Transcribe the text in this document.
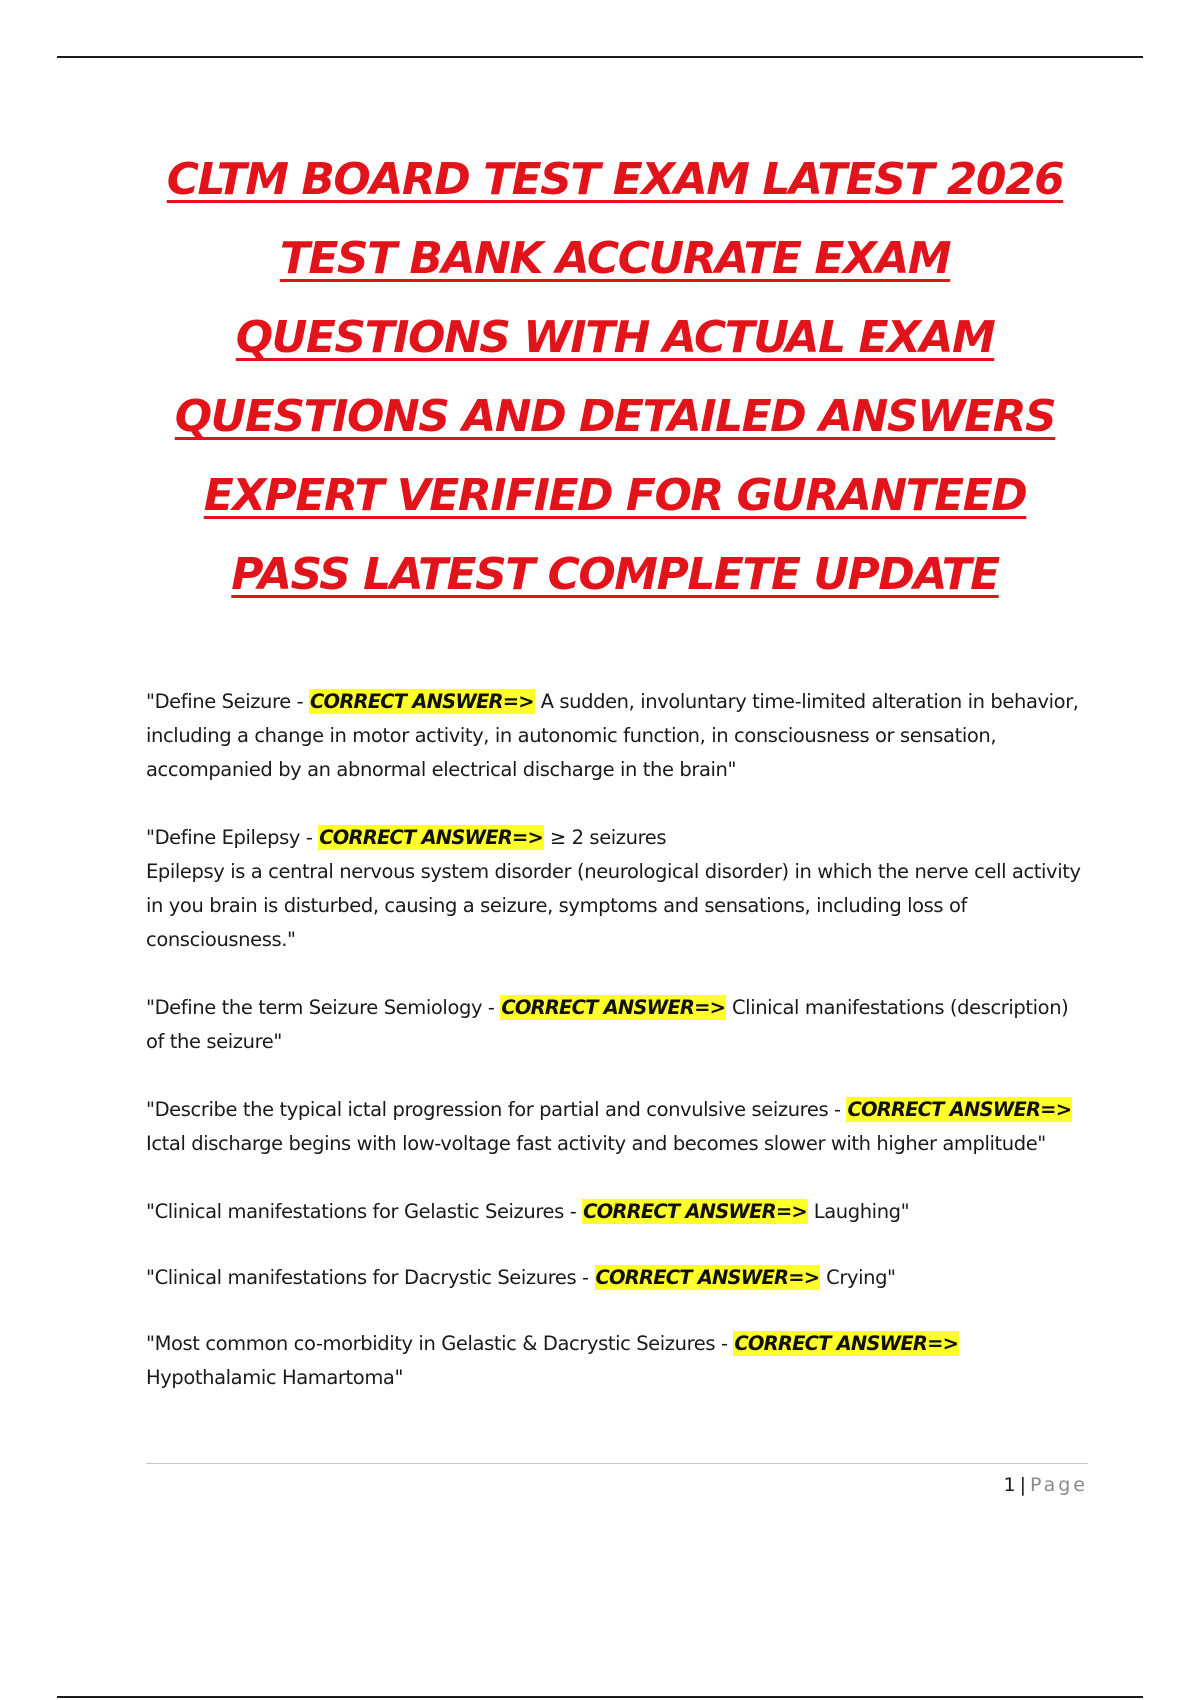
CLTM BOARD TEST EXAM LATEST 2026
TEST BANK ACCURATE EXAM
QUESTIONS WITH ACTUAL EXAM
QUESTIONS AND DETAILED ANSWERS
EXPERT VERIFIED FOR GURANTEED
PASS LATEST COMPLETE UPDATE

"Define Seizure - CORRECT ANSWER=> A sudden, involuntary time-limited alteration in behavior, including a change in motor activity, in autonomic function, in consciousness or sensation, accompanied by an abnormal electrical discharge in the brain"

"Define Epilepsy - CORRECT ANSWER=> ≥ 2 seizures
Epilepsy is a central nervous system disorder (neurological disorder) in which the nerve cell activity in you brain is disturbed, causing a seizure, symptoms and sensations, including loss of consciousness."

"Define the term Seizure Semiology - CORRECT ANSWER=> Clinical manifestations (description) of the seizure"

"Describe the typical ictal progression for partial and convulsive seizures - CORRECT ANSWER=> Ictal discharge begins with low-voltage fast activity and becomes slower with higher amplitude"

"Clinical manifestations for Gelastic Seizures - CORRECT ANSWER=> Laughing"

"Clinical manifestations for Dacrystic Seizures - CORRECT ANSWER=> Crying"

"Most common co-morbidity in Gelastic & Dacrystic Seizures - CORRECT ANSWER=>
Hypothalamic Hamartoma"

1 | Page
